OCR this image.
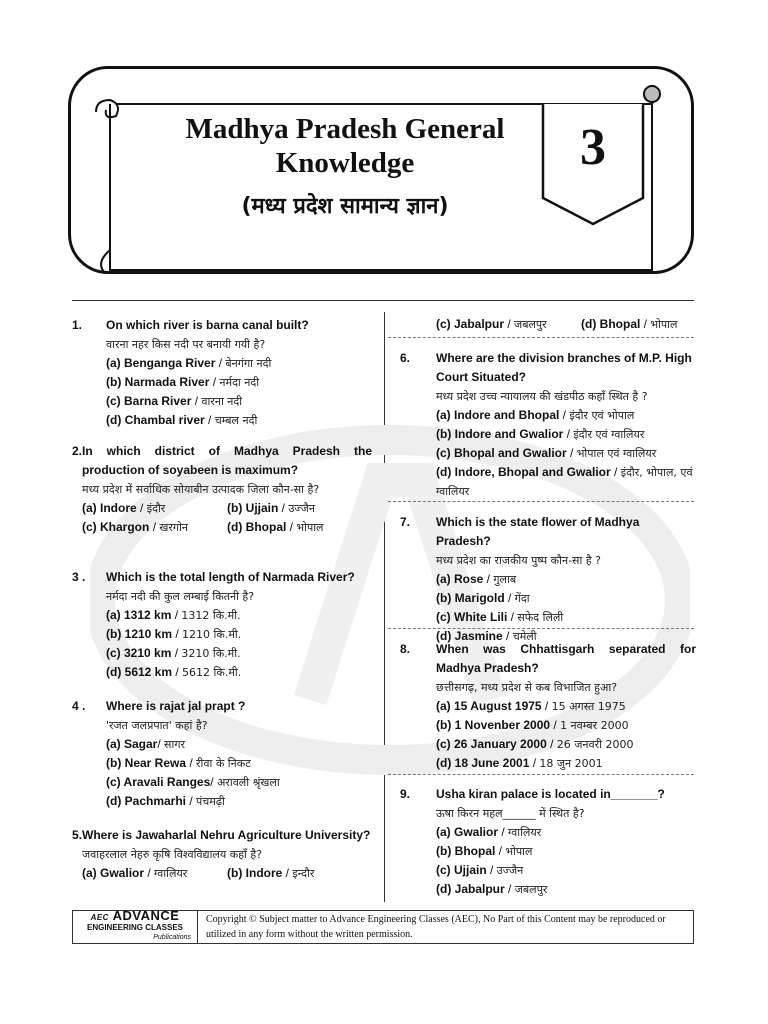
Madhya Pradesh General
Knowledge
(मध्य प्रदेश सामान्य ज्ञान)
3
1.	On which river is barna canal built?
वारना नहर किस नदी पर बनायी गयी है?
(a) Benganga River / बेनगंगा नदी
(b) Narmada River / नर्मदा नदी
(c) Barna River / वारना नदी
(d) Chambal river / चम्बल नदी
2. In which district of Madhya Pradesh the production of soyabeen is maximum?
मध्य प्रदेश में सर्वाधिक सोयाबीन उत्पादक जिला कौन-सा है?
(a) Indore / इंदौर	(b) Ujjain / उज्जैन
(c) Khargon / खरगोन	(d) Bhopal / भोपाल
3 .	Which is the total length of Narmada River?
नर्मदा नदी की कुल लम्बाई कितनी है?
(a) 1312 km / 1312 कि.मी.
(b) 1210 km / 1210 कि.मी.
(c) 3210 km / 3210 कि.मी.
(d) 5612 km / 5612 कि.मी.
4 .	Where is rajat jal prapt ?
'रजत जलप्रपात' कहां है?
(a) Sagar/ सागर
(b) Near Rewa / रीवा के निकट
(c) Aravali Ranges/ अरावली श्रृंखला
(d) Pachmarhi / पंचमढ़ी
5. Where is Jawaharlal Nehru Agriculture University?
जवाहरलाल नेहरु कृषि विश्वविद्यालय कहाँ है?
(a) Gwalior / ग्वालियर	(b) Indore / इन्दौर
(c) Jabalpur / जबलपुर	(d) Bhopal / भोपाल
6.	Where are the division branches of M.P. High Court Situated?
मध्य प्रदेश उच्च न्यायालय की खंडपीठ कहाँ स्थित है ?
(a) Indore and Bhopal / इंदौर एवं भोपाल
(b) Indore and Gwalior / इंदौर एवं ग्वालियर
(c) Bhopal and Gwalior / भोपाल एवं ग्वालियर
(d) Indore, Bhopal and Gwalior / इंदौर, भोपाल, एवं ग्वालियर
7.	Which is the state flower of Madhya Pradesh?
मध्य प्रदेश का राजकीय पुष्प कौन-सा है ?
(a) Rose / गुलाब
(b) Marigold / गेंदा
(c) White Lili / सफेद लिली
(d) Jasmine / चमेली
8.	When was Chhattisgarh separated for Madhya Pradesh?
छत्तीसगढ़, मध्य प्रदेश से कब विभाजित हुआ?
(a) 15 August 1975 / 15 अगस्त 1975
(b) 1 Novenber 2000 / 1 नवम्बर 2000
(c) 26 January 2000 / 26 जनवरी 2000
(d) 18 June 2001 / 18 जुन 2001
9.	Usha kiran palace is located in_______?
ऊषा किरन महल______ में स्थित है?
(a) Gwalior / ग्वालियर
(b) Bhopal / भोपाल
(c) Ujjain / उज्जैन
(d) Jabalpur / जबलपुर
AEC ADVANCE
ENGINEERING CLASSES
Publications
Copyright © Subject matter to Advance Engineering Classes (AEC), No Part of this Content may be reproduced or utilized in any form without the written permission.
